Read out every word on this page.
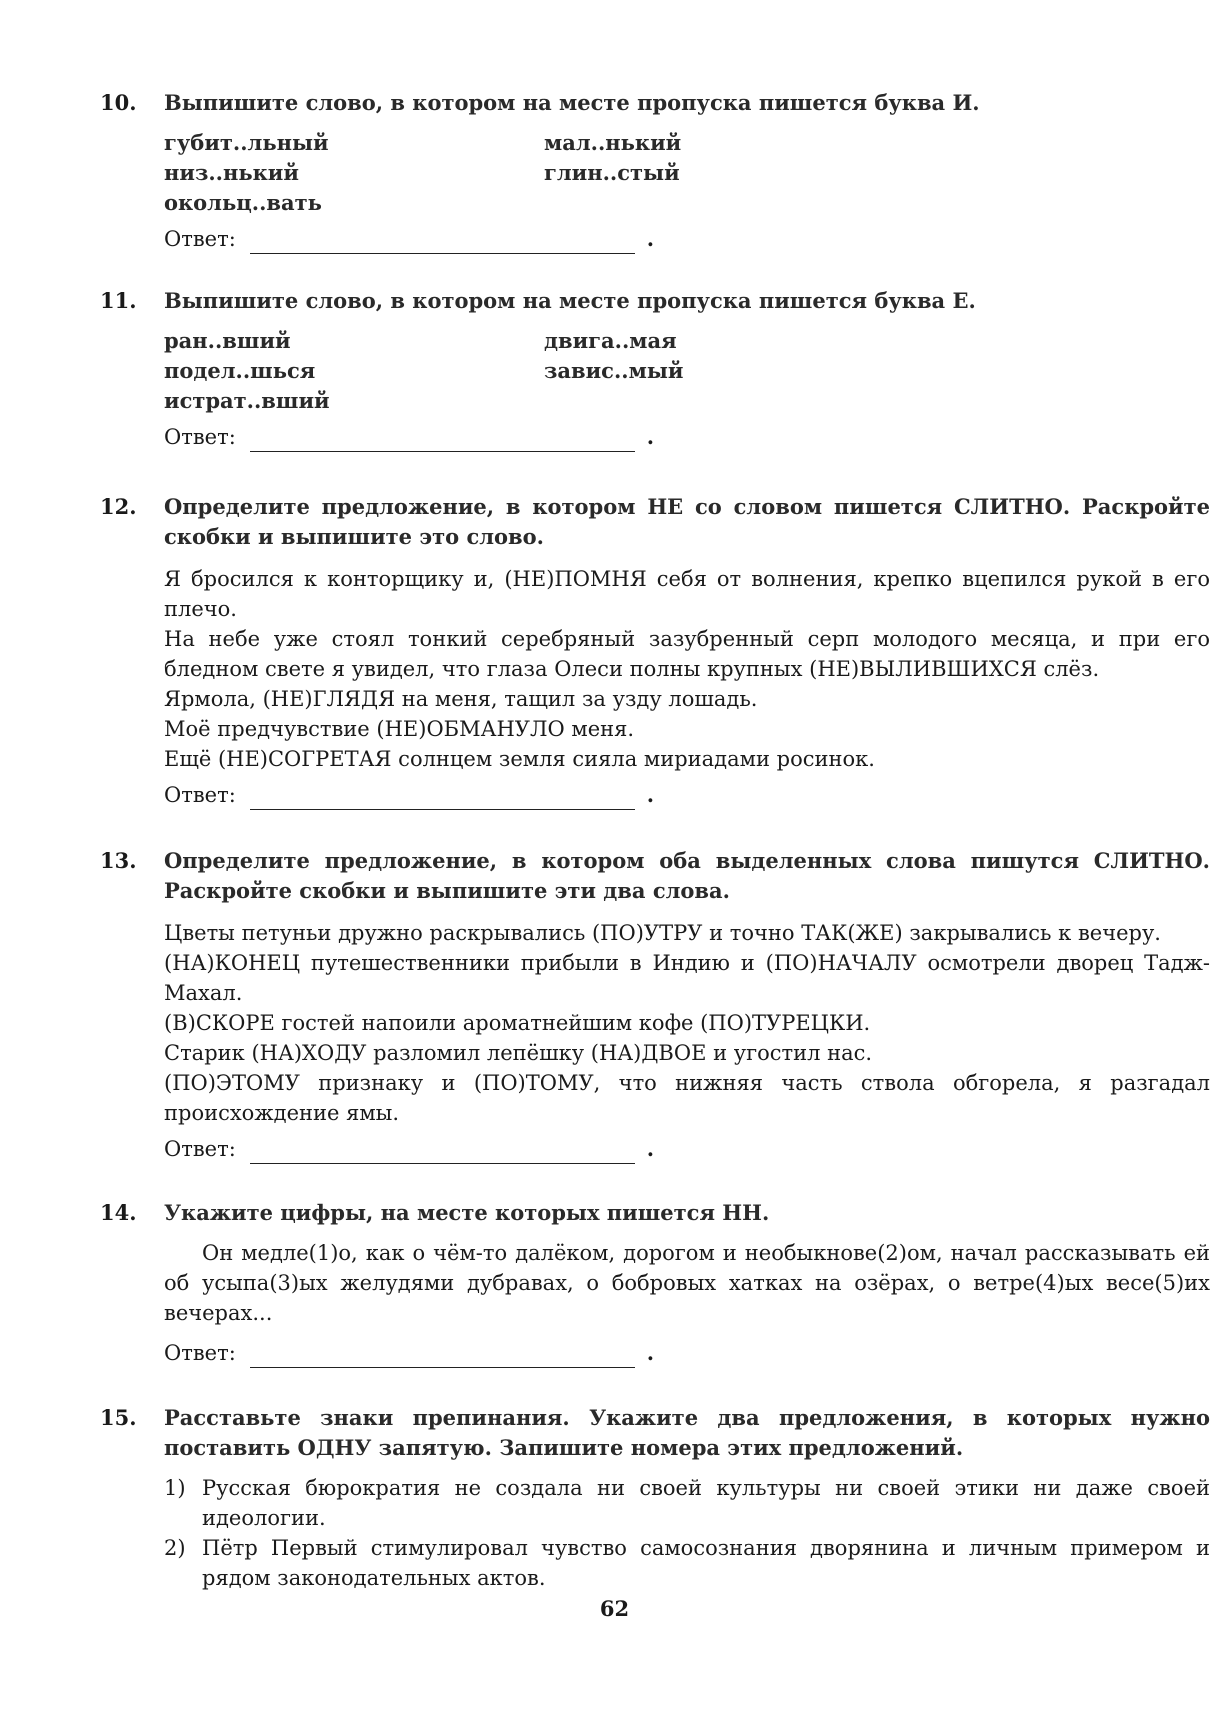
10.	Выпишите слово, в котором на месте пропуска пишется буква И.
губит..льный	мал..нький
низ..нький	глин..стый
окольц..вать
Ответ:	.
11.	Выпишите слово, в котором на месте пропуска пишется буква Е.
ран..вший	двига..мая
подел..шься	завис..мый
истрат..вший
Ответ:	.
12.	Определите предложение, в котором НЕ со словом пишется СЛИТНО. Раскройте скобки и выпишите это слово.
Я бросился к конторщику и, (НЕ)ПОМНЯ себя от волнения, крепко вцепился рукой в его плечо.
На небе уже стоял тонкий серебряный зазубренный серп молодого месяца, и при его бледном свете я увидел, что глаза Олеси полны крупных (НЕ)ВЫЛИВШИХСЯ слёз.
Ярмола, (НЕ)ГЛЯДЯ на меня, тащил за узду лошадь.
Моё предчувствие (НЕ)ОБМАНУЛО меня.
Ещё (НЕ)СОГРЕТАЯ солнцем земля сияла мириадами росинок.
Ответ:	.
13.	Определите предложение, в котором оба выделенных слова пишутся СЛИТНО. Раскройте скобки и выпишите эти два слова.
Цветы петуньи дружно раскрывались (ПО)УТРУ и точно ТАК(ЖЕ) закрывались к вечеру.
(НА)КОНЕЦ путешественники прибыли в Индию и (ПО)НАЧАЛУ осмотрели дворец Тадж-Махал.
(В)СКОРЕ гостей напоили ароматнейшим кофе (ПО)ТУРЕЦКИ.
Старик (НА)ХОДУ разломил лепёшку (НА)ДВОЕ и угостил нас.
(ПО)ЭТОМУ признаку и (ПО)ТОМУ, что нижняя часть ствола обгорела, я разгадал происхождение ямы.
Ответ:	.
14.	Укажите цифры, на месте которых пишется НН.
Он медле(1)о, как о чём-то далёком, дорогом и необыкнове(2)ом, начал рассказывать ей об усыпа(3)ых желудями дубравах, о бобровых хатках на озёрах, о ветре(4)ых весе(5)их вечерах...
Ответ:	.
15.	Расставьте знаки препинания. Укажите два предложения, в которых нужно поставить ОДНУ запятую. Запишите номера этих предложений.
1) Русская бюрократия не создала ни своей культуры ни своей этики ни даже своей идеологии.
2) Пётр Первый стимулировал чувство самосознания дворянина и личным примером и рядом законодательных актов.
62
